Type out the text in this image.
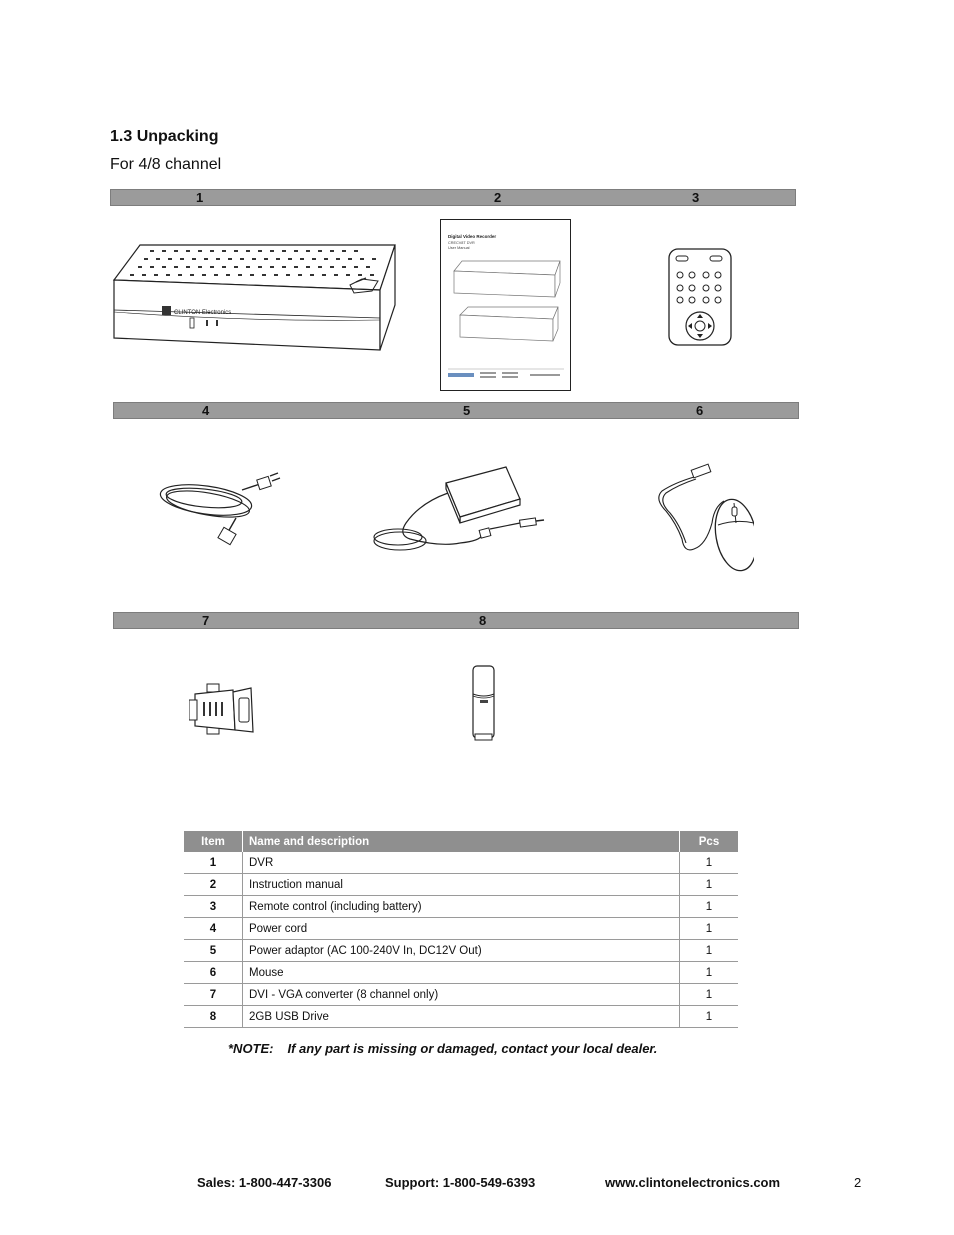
1.3 Unpacking
For 4/8 channel
1	2	3
CLINTON Electronics
Digital Video Recorder
CRECV8T DVR
User Manual
4	5	6
7	8
Item	Name and description	Pcs
1	DVR	1
2	Instruction manual	1
3	Remote control (including battery)	1
4	Power cord	1
5	Power adaptor (AC 100-240V In, DC12V Out)	1
6	Mouse	1
7	DVI - VGA converter (8 channel only)	1
8	2GB USB Drive	1
*NOTE: If any part is missing or damaged, contact your local dealer.
Sales: 1-800-447-3306	Support: 1-800-549-6393	www.clintonelectronics.com	2
